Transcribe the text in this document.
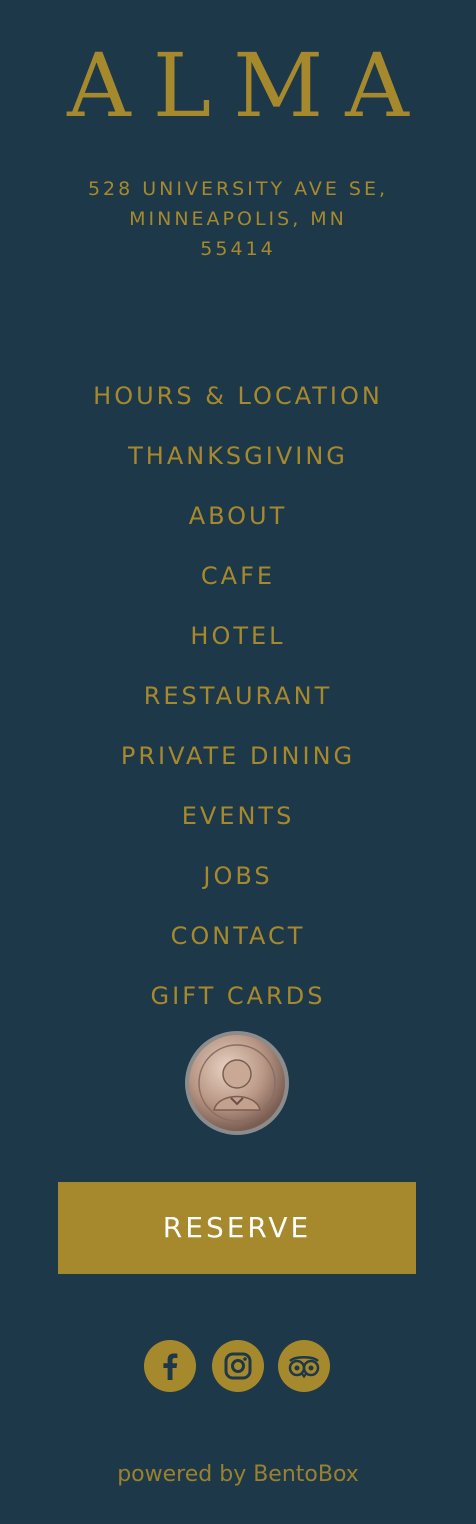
ALMA
528 UNIVERSITY AVE SE,
MINNEAPOLIS, MN
55414
HOURS & LOCATION
THANKSGIVING
ABOUT
CAFE
HOTEL
RESTAURANT
PRIVATE DINING
EVENTS
JOBS
CONTACT
GIFT CARDS
RESERVE
powered by BentoBox
